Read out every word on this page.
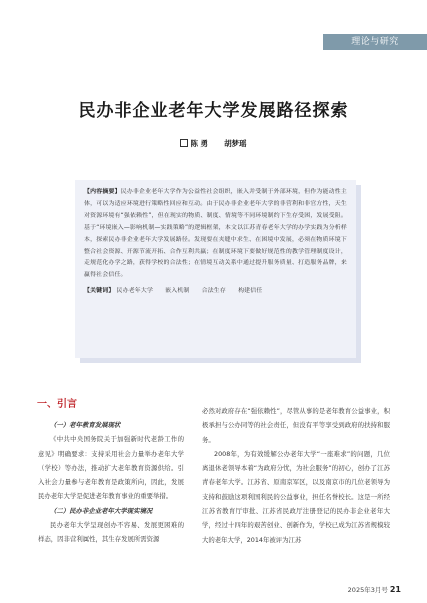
理论与研究
民办非企业老年大学发展路径探索
陈 勇 胡梦瑶
【内容摘要】民办非企业老年大学作为公益性社会组织，嵌入并受制于外部环境，但作为能动性主体，可以为适应环境进行策略性回应和互动。由于民办非企业老年大学的非营利和非官方性，天生对资源环境有“强依赖性”，但在现实的物质、制度、情境等不同环境制约下生存受困，发展受阻。基于“环境嵌入—影响机制—实践策略”的逻辑框架，本文以江苏青春老年大学的办学实践为分析样本，探索民办非企业老年大学发展路径。发现要在夹缝中求生、在困境中发展，必须在物质环境下整合社会资源、开源节流开拓、合作互利共赢；在制度环境下要做好规范性的教学管理制度设计，走规范化办学之路，获得学校的合法性；在情境互动关系中通过提升服务质量、打造服务品牌，来赢得社会信任。
【关键词】 民办老年大学 嵌入机制 合法生存 构建信任
一、引言
（一）老年教育发展现状
《中共中央国务院关于加强新时代老龄工作的意见》明确要求：支持采用社会力量举办老年大学（学校）等办法，推动扩大老年教育资源供给。引入社会力量参与老年教育是政策所向，因此，发展民办老年大学是促进老年教育事业的重要举措。
（二）民办非企业老年大学现实境况
民办老年大学呈现创办不容易、发展更困难的样态，因非营利属性，其生存发展所需资源
必然对政府存在“强依赖性”，尽管从事的是老年教育公益事业，积极承担与公办同等的社会责任，但没有平等享受到政府的扶持和服务。
2008年，为有效缓解公办老年大学“一座难求”的问题，几位离退休老领导本着“为政府分忧，为社会服务”的初心，创办了江苏青春老年大学。江苏省、原南京军区，以及南京市的几位老领导为支持和鼓励这项利国利民的公益事业，担任名誉校长。这是一所经江苏省教育厅审批、江苏省民政厅注册登记的民办非企业老年大学，经过十四年的艰苦创业、创新作为，学校已成为江苏省规模较大的老年大学，2014年被评为江苏
2025年3月号 21
